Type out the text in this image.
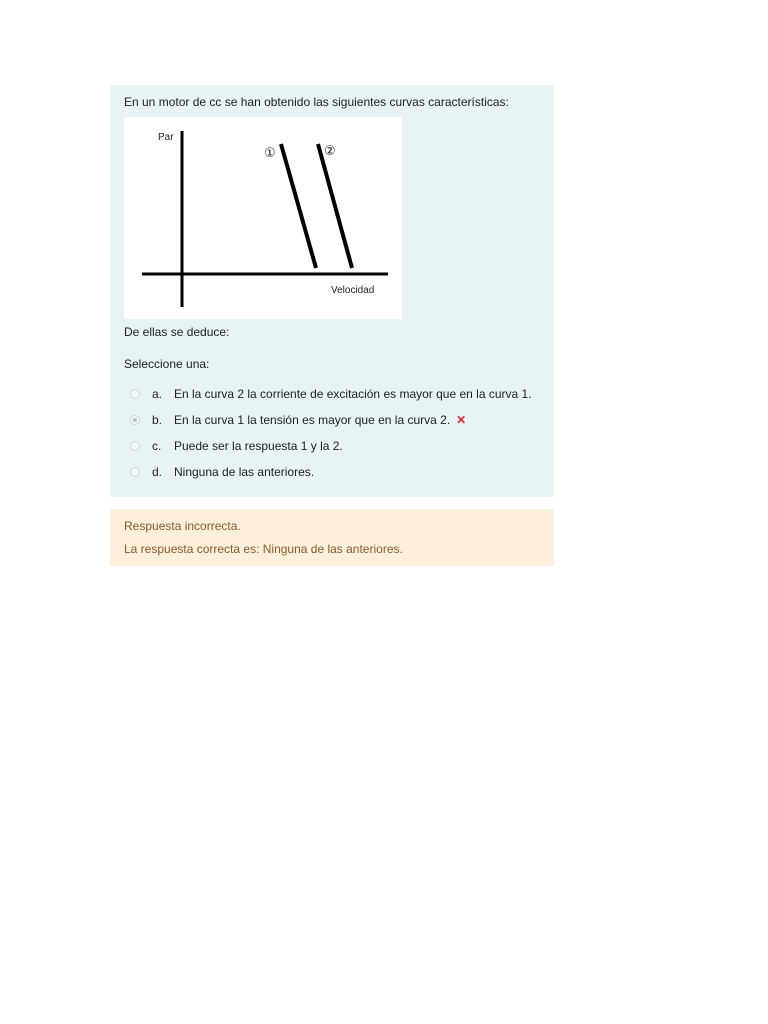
En un motor de cc se han obtenido las siguientes curvas características:

Par
Velocidad
①	②
De ellas se deduce:
Seleccione una:
a. En la curva 2 la corriente de excitación es mayor que en la curva 1.
b. En la curva 1 la tensión es mayor que en la curva 2. ✕
c.	Puede ser la respuesta 1 y la 2.
d. Ninguna de las anteriores.

Respuesta incorrecta.

La respuesta correcta es: Ninguna de las anteriores.
